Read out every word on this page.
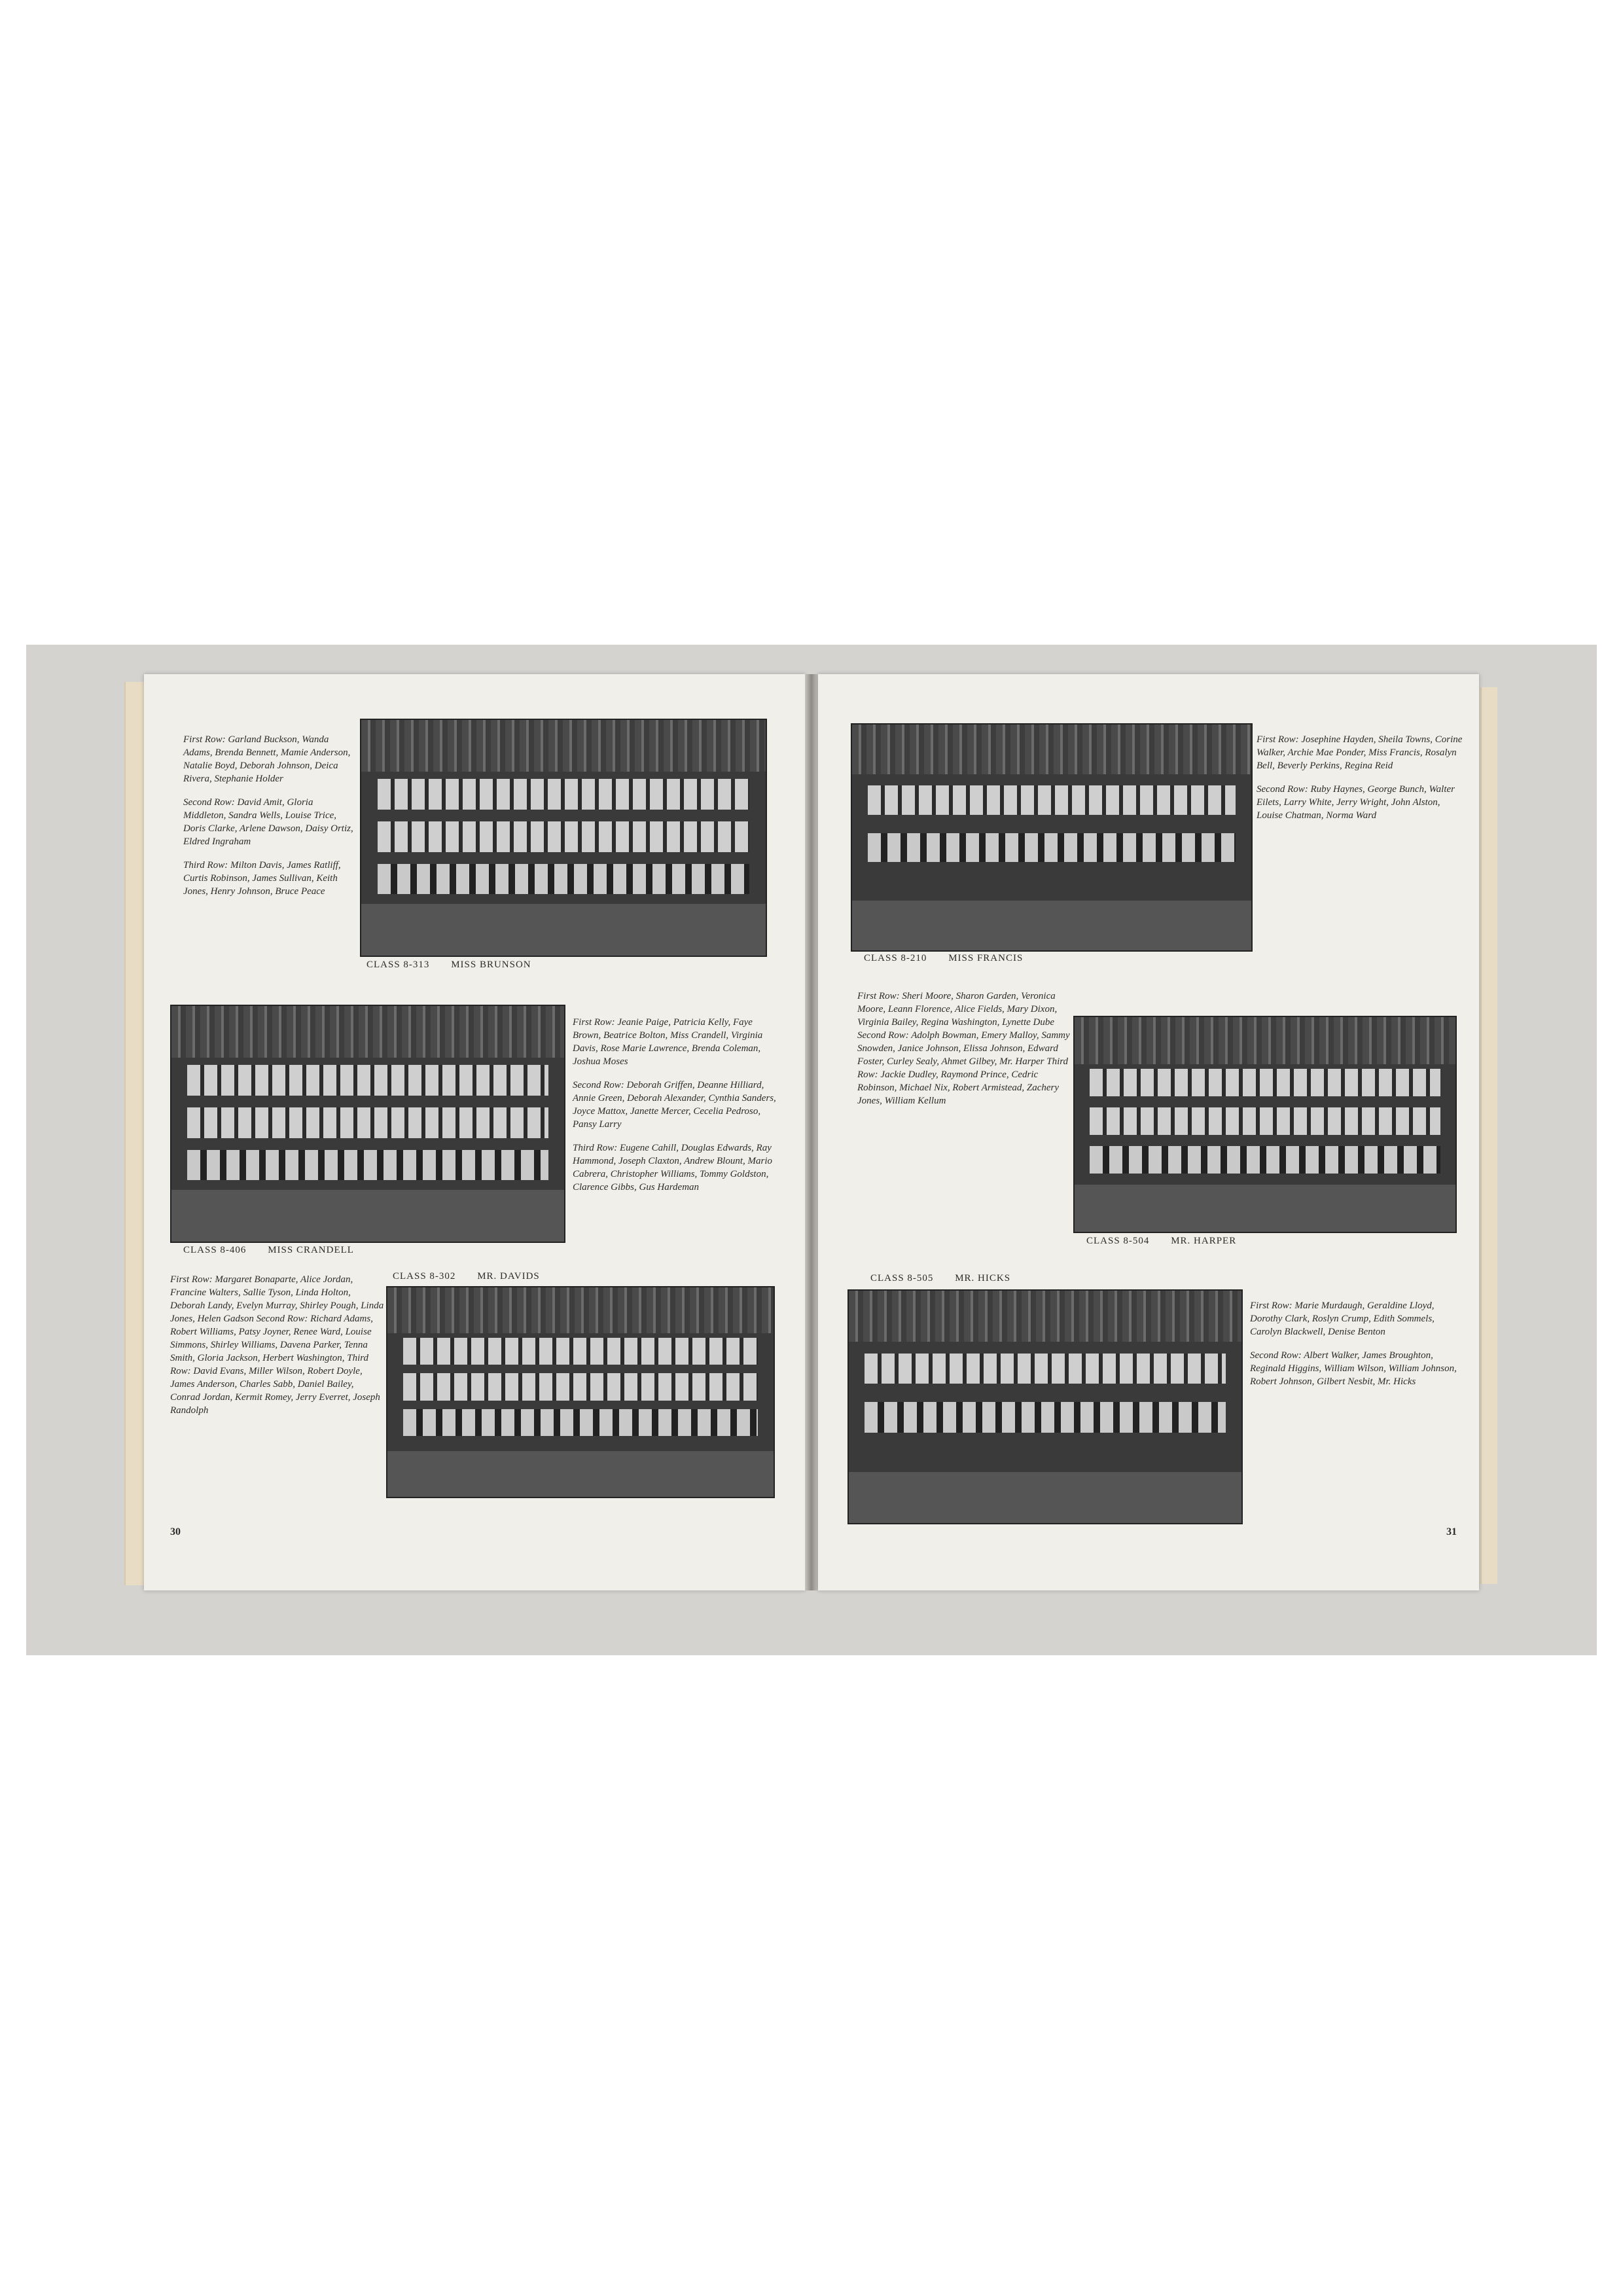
First Row: Garland Buckson, Wanda Adams, Brenda Bennett, Mamie Anderson, Natalie Boyd, Deborah Johnson, Deica Rivera, Stephanie Holder

Second Row: David Amit, Gloria Middleton, Sandra Wells, Louise Trice, Doris Clarke, Arlene Dawson, Daisy Ortiz, Eldred Ingraham

Third Row: Milton Davis, James Ratliff, Curtis Robinson, James Sullivan, Keith Jones, Henry Johnson, Bruce Peace

CLASS 8-313 MISS BRUNSON

First Row: Jeanie Paige, Patricia Kelly, Faye Brown, Beatrice Bolton, Miss Crandell, Virginia Davis, Rose Marie Lawrence, Brenda Coleman, Joshua Moses

Second Row: Deborah Griffen, Deanne Hilliard, Annie Green, Deborah Alexander, Cynthia Sanders, Joyce Mattox, Janette Mercer, Cecelia Pedroso, Pansy Larry

Third Row: Eugene Cahill, Douglas Edwards, Ray Hammond, Joseph Claxton, Andrew Blount, Mario Cabrera, Christopher Williams, Tommy Goldston, Clarence Gibbs, Gus Hardeman

CLASS 8-406 MISS CRANDELL

First Row: Margaret Bonaparte, Alice Jordan, Francine Walters, Sallie Tyson, Linda Holton, Deborah Landy, Evelyn Murray, Shirley Pough, Linda Jones, Helen Gadson Second Row: Richard Adams, Robert Williams, Patsy Joyner, Renee Ward, Louise Simmons, Shirley Williams, Davena Parker, Tenna Smith, Gloria Jackson, Herbert Washington, Third Row: David Evans, Miller Wilson, Robert Doyle, James Anderson, Charles Sabb, Daniel Bailey, Conrad Jordan, Kermit Romey, Jerry Everret, Joseph Randolph

CLASS 8-302 MR. DAVIDS
30

First Row: Josephine Hayden, Sheila Towns, Corine Walker, Archie Mae Ponder, Miss Francis, Rosalyn Bell, Beverly Perkins, Regina Reid

Second Row: Ruby Haynes, George Bunch, Walter Eilets, Larry White, Jerry Wright, John Alston, Louise Chatman, Norma Ward

CLASS 8-210 MISS FRANCIS

First Row: Sheri Moore, Sharon Garden, Veronica Moore, Leann Florence, Alice Fields, Mary Dixon, Virginia Bailey, Regina Washington, Lynette Dube Second Row: Adolph Bowman, Emery Malloy, Sammy Snowden, Janice Johnson, Elissa Johnson, Edward Foster, Curley Sealy, Ahmet Gilbey, Mr. Harper Third Row: Jackie Dudley, Raymond Prince, Cedric Robinson, Michael Nix, Robert Armistead, Zachery Jones, William Kellum

CLASS 8-504 MR. HARPER
CLASS 8-505 MR. HICKS

First Row: Marie Murdaugh, Geraldine Lloyd, Dorothy Clark, Roslyn Crump, Edith Sommels, Carolyn Blackwell, Denise Benton

Second Row: Albert Walker, James Broughton, Reginald Higgins, William Wilson, William Johnson, Robert Johnson, Gilbert Nesbit, Mr. Hicks

31
